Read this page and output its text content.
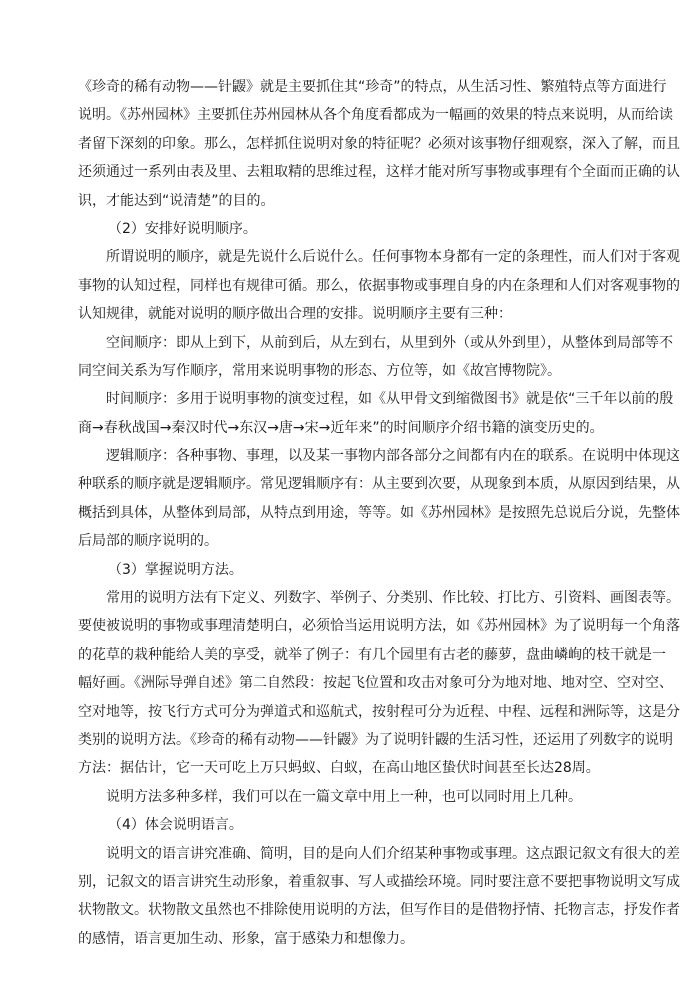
《珍奇的稀有动物——针鼹》就是主要抓住其“珍奇”的特点，从生活习性、繁殖特点等方面进行
说明。《苏州园林》主要抓住苏州园林从各个角度看都成为一幅画的效果的特点来说明，从而给读
者留下深刻的印象。那么，怎样抓住说明对象的特征呢？必须对该事物仔细观察，深入了解，而且
还须通过一系列由表及里、去粗取精的思维过程，这样才能对所写事物或事理有个全面而正确的认
识，才能达到“说清楚”的目的。
（2）安排好说明顺序。
所谓说明的顺序，就是先说什么后说什么。任何事物本身都有一定的条理性，而人们对于客观
事物的认知过程，同样也有规律可循。那么，依据事物或事理自身的内在条理和人们对客观事物的
认知规律，就能对说明的顺序做出合理的安排。说明顺序主要有三种：
空间顺序：即从上到下，从前到后，从左到右，从里到外（或从外到里），从整体到局部等不
同空间关系为写作顺序，常用来说明事物的形态、方位等，如《故宫博物院》。
时间顺序：多用于说明事物的演变过程，如《从甲骨文到缩微图书》就是依“三千年以前的殷
商→春秋战国→秦汉时代→东汉→唐→宋→近年来”的时间顺序介绍书籍的演变历史的。
逻辑顺序：各种事物、事理，以及某一事物内部各部分之间都有内在的联系。在说明中体现这
种联系的顺序就是逻辑顺序。常见逻辑顺序有：从主要到次要，从现象到本质，从原因到结果，从
概括到具体，从整体到局部，从特点到用途，等等。如《苏州园林》是按照先总说后分说，先整体
后局部的顺序说明的。
（3）掌握说明方法。
常用的说明方法有下定义、列数字、举例子、分类别、作比较、打比方、引资料、画图表等。
要使被说明的事物或事理清楚明白，必须恰当运用说明方法，如《苏州园林》为了说明每一个角落
的花草的栽种能给人美的享受，就举了例子：有几个园里有古老的藤萝，盘曲嶙峋的枝干就是一
幅好画。《洲际导弹自述》第二自然段：按起飞位置和攻击对象可分为地对地、地对空、空对空、
空对地等，按飞行方式可分为弹道式和巡航式，按射程可分为近程、中程、远程和洲际等，这是分
类别的说明方法。《珍奇的稀有动物——针鼹》为了说明针鼹的生活习性，还运用了列数字的说明
方法：据估计，它一天可吃上万只蚂蚁、白蚁，在高山地区蛰伏时间甚至长达28周。
说明方法多种多样，我们可以在一篇文章中用上一种，也可以同时用上几种。
（4）体会说明语言。
说明文的语言讲究准确、简明，目的是向人们介绍某种事物或事理。这点跟记叙文有很大的差
别，记叙文的语言讲究生动形象，着重叙事、写人或描绘环境。同时要注意不要把事物说明文写成
状物散文。状物散文虽然也不排除使用说明的方法，但写作目的是借物抒情、托物言志，抒发作者
的感情，语言更加生动、形象，富于感染力和想像力。
